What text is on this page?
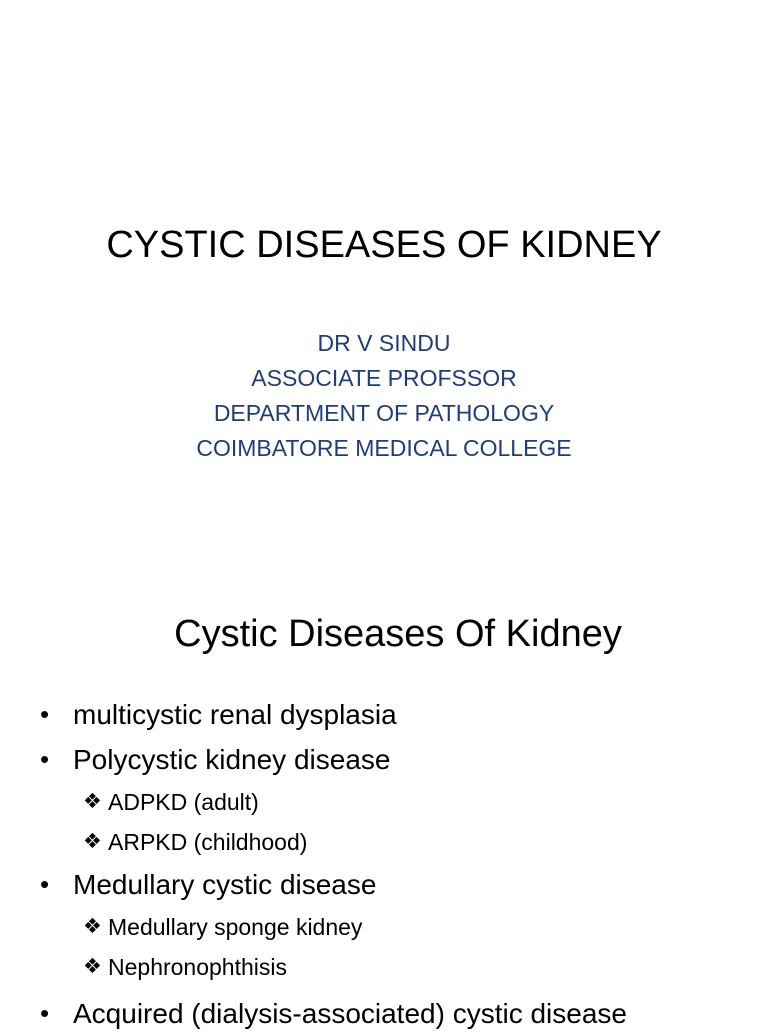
CYSTIC DISEASES OF KIDNEY
DR V SINDU
ASSOCIATE PROFSSOR
DEPARTMENT OF PATHOLOGY
COIMBATORE MEDICAL COLLEGE
Cystic Diseases Of Kidney
• multicystic renal dysplasia
• Polycystic kidney disease
❖ ADPKD (adult)
❖ ARPKD (childhood)
• Medullary cystic disease
❖ Medullary sponge kidney
❖ Nephronophthisis
• Acquired (dialysis-associated) cystic disease
